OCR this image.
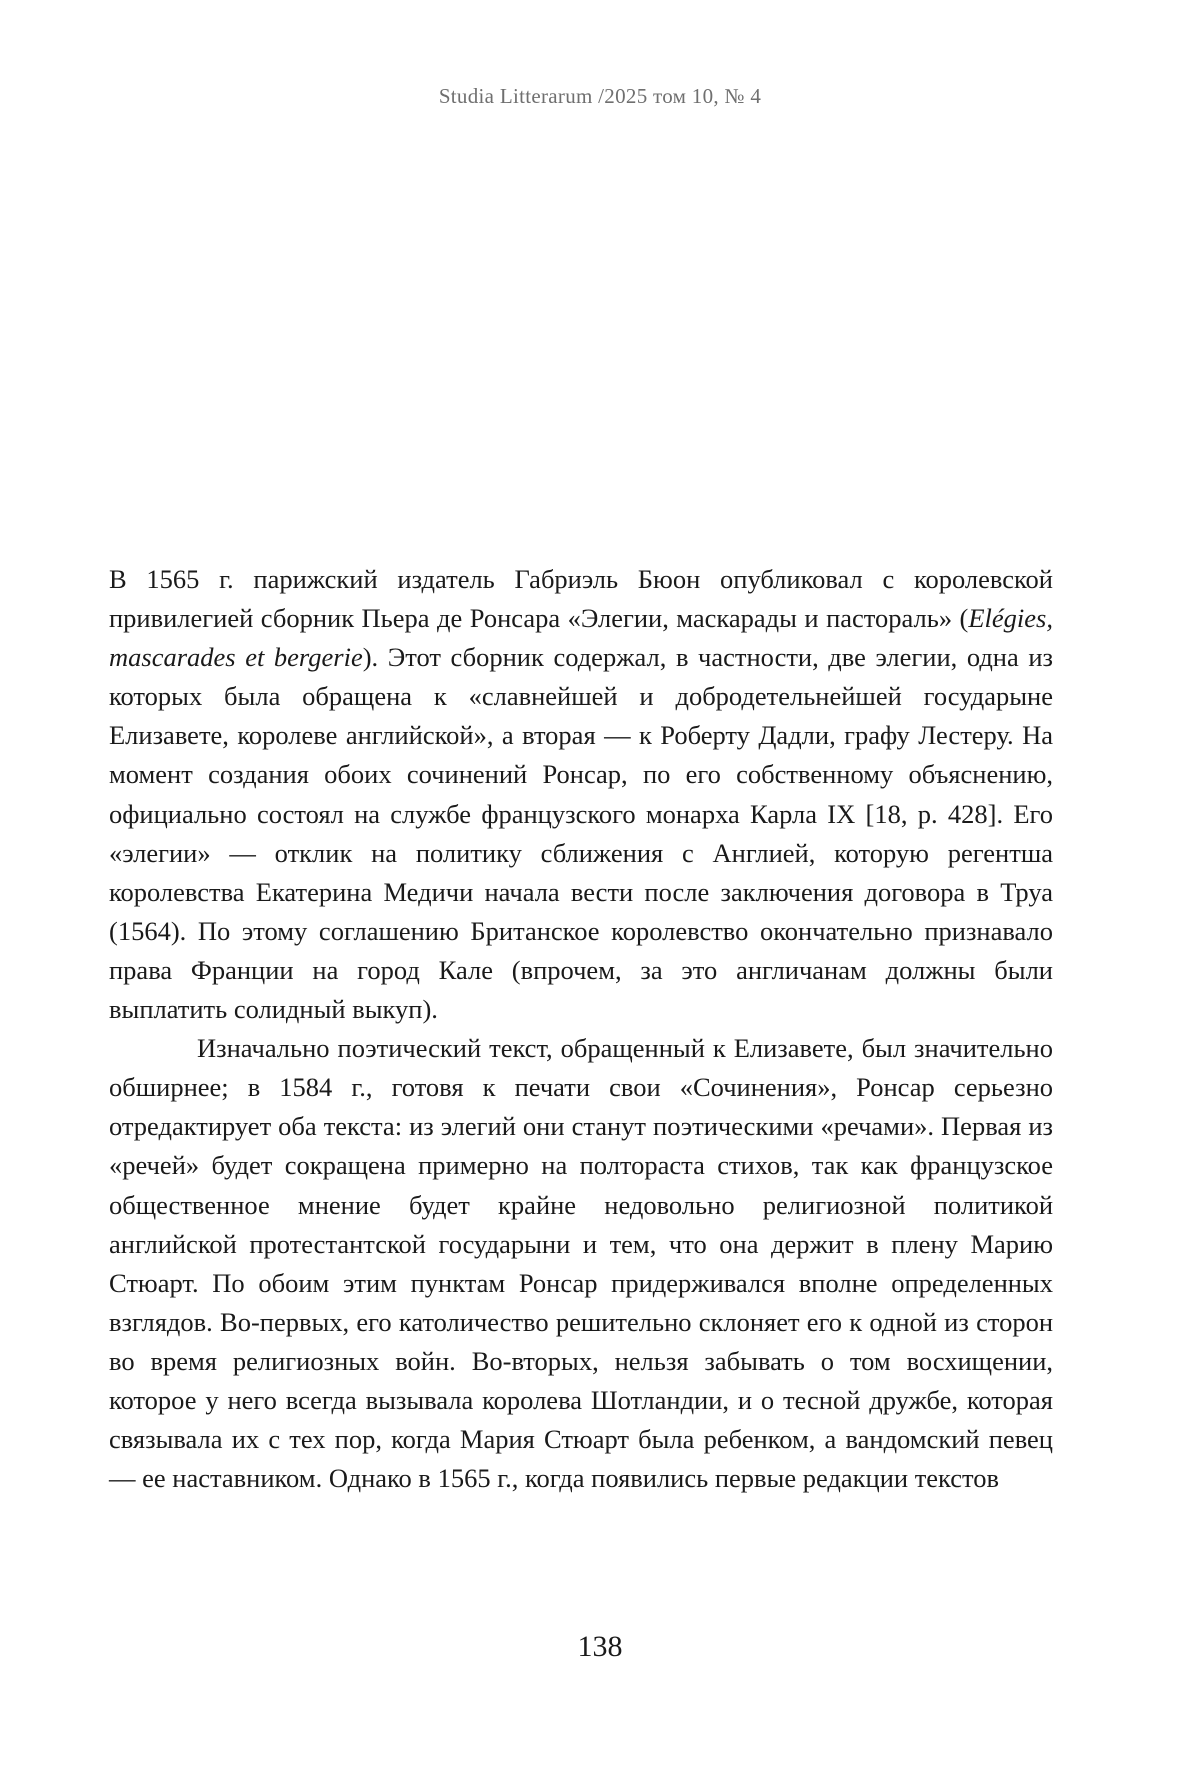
Studia Litterarum /2025 том 10, № 4

В 1565 г. парижский издатель Габриэль Бюон опубликовал с королевской привилегией сборник Пьера де Ронсара «Элегии, маскарады и пастораль» (Elégies, mascarades et bergerie). Этот сборник содержал, в частности, две элегии, одна из которых была обращена к «славнейшей и добродетельнейшей государыне Елизавете, королеве английской», а вторая — к Роберту Дадли, графу Лестеру. На момент создания обоих сочинений Ронсар, по его собственному объяснению, официально состоял на службе французского монарха Карла IX [18, p. 428]. Его «элегии» — отклик на политику сближения с Англией, которую регентша королевства Екатерина Медичи начала вести после заключения договора в Труа (1564). По этому соглашению Британское королевство окончательно признавало права Франции на город Кале (впрочем, за это англичанам должны были выплатить солидный выкуп).

Изначально поэтический текст, обращенный к Елизавете, был значительно обширнее; в 1584 г., готовя к печати свои «Сочинения», Ронсар серьезно отредактирует оба текста: из элегий они станут поэтическими «речами». Первая из «речей» будет сокращена примерно на полтораста стихов, так как французское общественное мнение будет крайне недовольно религиозной политикой английской протестантской государыни и тем, что она держит в плену Марию Стюарт. По обоим этим пунктам Ронсар придерживался вполне определенных взглядов. Во-первых, его католичество решительно склоняет его к одной из сторон во время религиозных войн. Во-вторых, нельзя забывать о том восхищении, которое у него всегда вызывала королева Шотландии, и о тесной дружбе, которая связывала их с тех пор, когда Мария Стюарт была ребенком, а вандомский певец — ее наставником. Однако в 1565 г., когда появились первые редакции текстов

138
